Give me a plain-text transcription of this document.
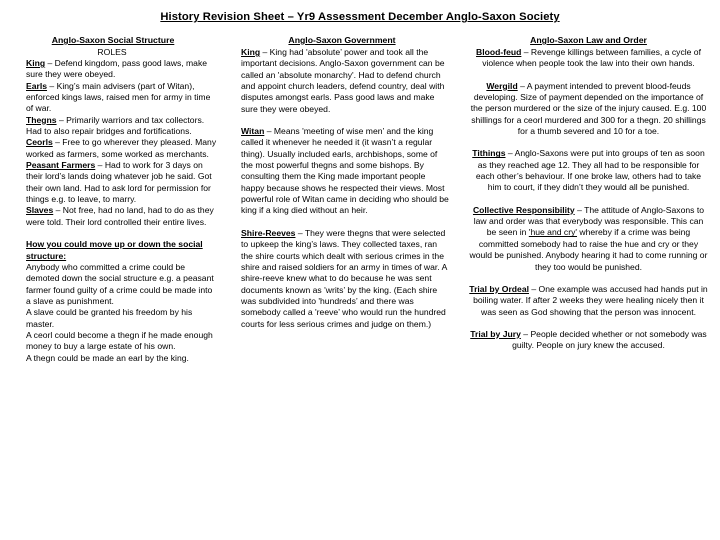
History Revision Sheet – Yr9 Assessment December Anglo-Saxon Society
Anglo-Saxon Social Structure
ROLES

King – Defend kingdom, pass good laws, make sure they were obeyed.

Earls – King’s main advisers (part of Witan), enforced kings laws, raised men for army in time of war.

Thegns – Primarily warriors and tax collectors. Had to also repair bridges and fortifications.

Ceorls – Free to go wherever they pleased. Many worked as farmers, some worked as merchants.

Peasant Farmers – Had to work for 3 days on their lord’s lands doing whatever job he said. Got their own land. Had to ask lord for permission for things e.g. to leave, to marry.

Slaves – Not free, had no land, had to do as they were told. Their lord controlled their entire lives.

How you could move up or down the social structure:

Anybody who committed a crime could be demoted down the social structure e.g. a peasant farmer found guilty of a crime could be made into a slave as punishment.

A slave could be granted his freedom by his master.

A ceorl could become a thegn if he made enough money to buy a large estate of his own.

A thegn could be made an earl by the king.

Anglo-Saxon Government

King – King had 'absolute’ power and took all the important decisions. Anglo-Saxon government can be called an 'absolute monarchy'. Had to defend church and appoint church leaders, defend country, deal with disputes amongst earls. Pass good laws and make sure they were obeyed.

Witan – Means 'meeting of wise men’ and the king called it whenever he needed it (it wasn’t a regular thing). Usually included earls, archbishops, some of the most powerful thegns and some bishops. By consulting them the King made important people happy because shows he respected their views. Most powerful role of Witan came in deciding who should be king if a king died without an heir.

Shire-Reeves – They were thegns that were selected to upkeep the king’s laws. They collected taxes, ran the shire courts which dealt with serious crimes in the shire and raised soldiers for an army in times of war. A shire-reeve knew what to do because he was sent documents known as 'writs’ by the king. (Each shire was subdivided into 'hundreds’ and there was somebody called a 'reeve’ who would run the hundred courts for less serious crimes and judge on them.)

Anglo-Saxon Law and Order

Blood-feud – Revenge killings between families, a cycle of violence when people took the law into their own hands.

Wergild – A payment intended to prevent blood-feuds developing. Size of payment depended on the importance of the person murdered or the size of the injury caused. E.g. 100 shillings for a ceorl murdered and 300 for a thegn. 20 shillings for a thumb severed and 10 for a toe.

Tithings – Anglo-Saxons were put into groups of ten as soon as they reached age 12. They all had to be responsible for each other’s behaviour. If one broke law, others had to take him to court, if they didn’t they would all be punished.

Collective Responsibility – The attitude of Anglo-Saxons to law and order was that everybody was responsible. This can be seen in 'hue and cry' whereby if a crime was being committed somebody had to raise the hue and cry or they would be punished. Anybody hearing it had to come running or they too would be punished.

Trial by Ordeal – One example was accused had hands put in boiling water. If after 2 weeks they were healing nicely then it was seen as God showing that the person was innocent.

Trial by Jury – People decided whether or not somebody was guilty. People on jury knew the accused.
